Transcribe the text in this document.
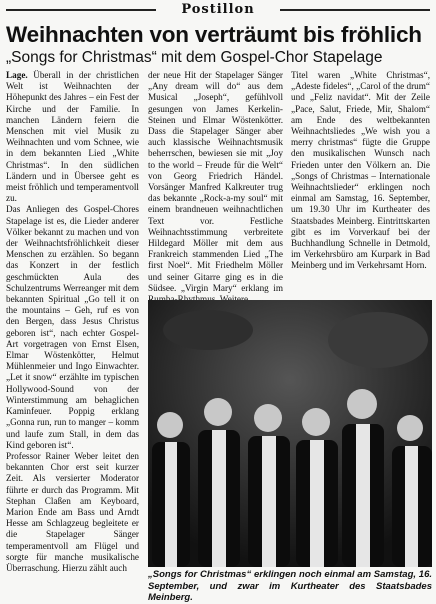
Postillon
Weihnachten von verträumt bis fröhlich
„Songs for Christmas“ mit dem Gospel-Chor Stapelage

Lage. Überall in der christlichen Welt ist Weihnachten der Höhepunkt des Jahres – ein Fest der Kirche und der Familie. In manchen Ländern feiern die Menschen mit viel Musik zu Weihnachten und vom Schnee, wie in dem bekannten Lied „White Christmas“. In den südlichen Ländern und in Übersee geht es meist fröhlich und temperamentvoll zu.

Das Anliegen des Gospel-Chores Stapelage ist es, die Lieder anderer Völker bekannt zu machen und von der Weihnachtsfröhlichkeit dieser Menschen zu erzählen. So begann das Konzert in der festlich geschmückten Aula des Schulzentrums Werreanger mit dem bekannten Spiritual „Go tell it on the mountains – Geh, ruf es von den Bergen, dass Jesus Christus geboren ist“, nach echter Gospel-Art vorgetragen von Ernst Elsen, Elmar Wöstenkötter, Helmut Mühlenmeier und Ingo Einwachter. „Let it snow“ erzählte im typischen Hollywood-Sound von der Winterstimmung am behaglichen Kaminfeuer. Poppig erklang „Gonna run, run to manger – komm und laufe zum Stall, in dem das Kind geboren ist“.

Professor Rainer Weber leitet den bekannten Chor erst seit kurzer Zeit. Als versierter Moderator führte er durch das Programm. Mit Stephan Claßen am Keyboard, Marion Ende am Bass und Arndt Hesse am Schlagzeug begleitete er die Stapelager Sänger temperamentvoll am Flügel und sorgte für manche musikalische Überraschung. Hierzu zählt auch

der neue Hit der Stapelager Sänger „Any dream will do“ aus dem Musical „Joseph“, gefühlvoll gesungen von James Kerkelin-Steinen und Elmar Wöstenkötter. Dass die Stapelager Sänger aber auch klassische Weihnachtsmusik beherrschen, bewiesen sie mit „Joy to the world – Freude für die Welt“ von Georg Friedrich Händel. Vorsänger Manfred Kalkreuter trug das bekannte „Rock-a-my soul“ mit einem brandneuen weihnachtlichen Text vor. Festliche Weihnachtsstimmung verbreitete Hildegard Möller mit dem aus Frankreich stammenden Lied „The first Noel“. Mit Friedhelm Möller und seiner Gitarre ging es in die Südsee. „Virgin Mary“ erklang im

Titel waren „White Christmas“, „Adeste fideles“, „Carol of the drum“ und „Feliz navidat“. Mit der Zeile „Pace, Salut, Friede, Mir, Shalom“ am Ende des weltbekannten Weihnachtsliedes „We wish you a merry christmas“ fügte die Gruppe den musikalischen Wunsch nach Frieden unter den Völkern an. Die „Songs of Christmas – Internationale Weihnachtslieder“ erklingen noch einmal am Samstag, 16. September, um 19.30 Uhr im Kurtheater des Staatsbades Meinberg. Eintrittskarten gibt es im Vorverkauf bei der Buchhandlung Schnelle in Detmold, im Verkehrsbüro am Kurpark in Bad Meinberg und im Verkehrsamt Horn.

„Songs for Christmas“ erklingen noch einmal am Samstag, 16. September, und zwar im Kurtheater des Staatsbades Meinberg.
